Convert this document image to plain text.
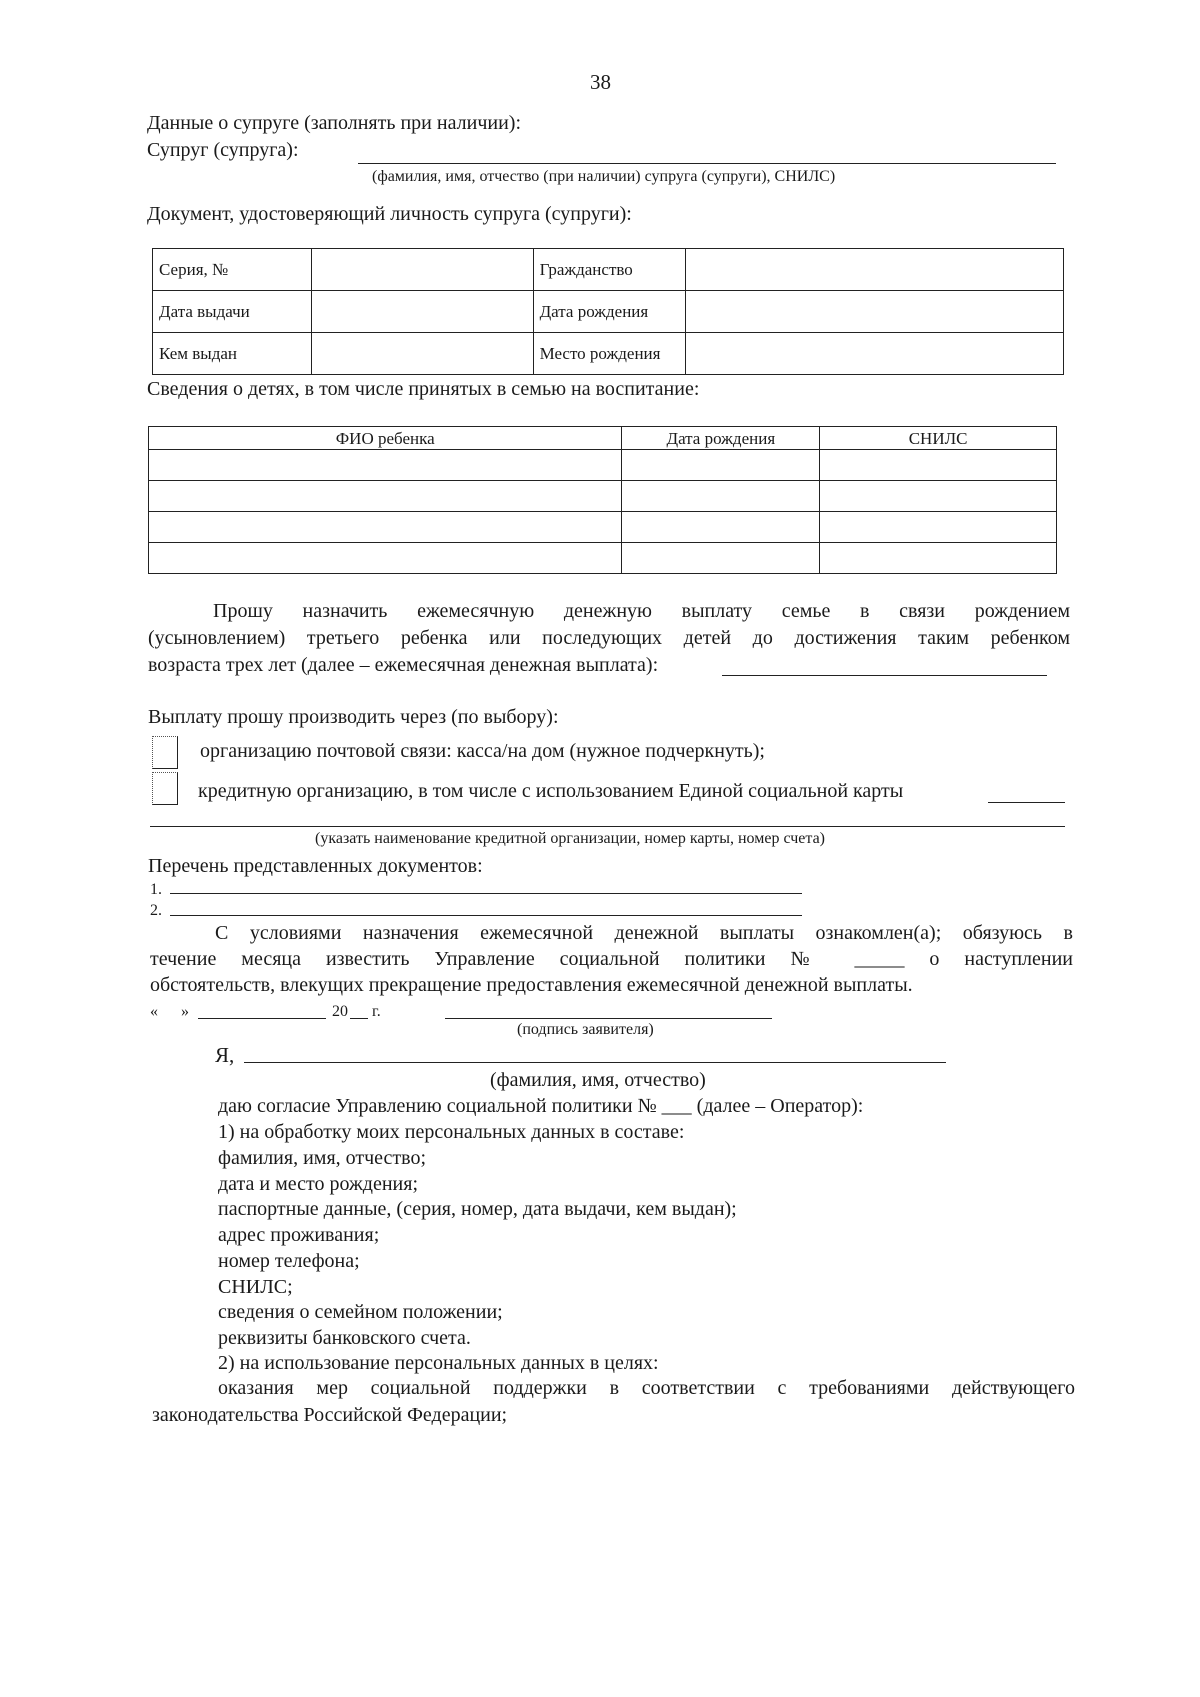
38
Данные о супруге (заполнять при наличии):
Супруг (супруга):
(фамилия, имя, отчество (при наличии) супруга (супруги), СНИЛС)
Документ, удостоверяющий личность супруга (супруги):
Серия, №		Гражданство	
Дата выдачи		Дата рождения	
Кем выдан		Место рождения	
Сведения о детях, в том числе принятых в семью на воспитание:
ФИО ребенка	Дата рождения	СНИЛС

Прошу назначить ежемесячную денежную выплату семье в связи рождением
(усыновлением) третьего ребенка или последующих детей до достижения таким ребенком
возраста трех лет (далее – ежемесячная денежная выплата):
Выплату прошу производить через (по выбору):
организацию почтовой связи: касса/на дом (нужное подчеркнуть);
кредитную организацию, в том числе с использованием Единой социальной карты
(указать наименование кредитной организации, номер карты, номер счета)
Перечень представленных документов:
1.
2.
С условиями назначения ежемесячной денежной выплаты ознакомлен(а); обязуюсь в
течение месяца известить Управление социальной политики № _____ о наступлении
обстоятельств, влекущих прекращение предоставления ежемесячной денежной выплаты.
« »	20 г.
(подпись заявителя)
Я,
(фамилия, имя, отчество)
даю согласие Управлению социальной политики № ___ (далее – Оператор):
1) на обработку моих персональных данных в составе:
фамилия, имя, отчество;
дата и место рождения;
паспортные данные, (серия, номер, дата выдачи, кем выдан);
адрес проживания;
номер телефона;
СНИЛС;
сведения о семейном положении;
реквизиты банковского счета.
2) на использование персональных данных в целях:
оказания мер социальной поддержки в соответствии с требованиями действующего
законодательства Российской Федерации;
